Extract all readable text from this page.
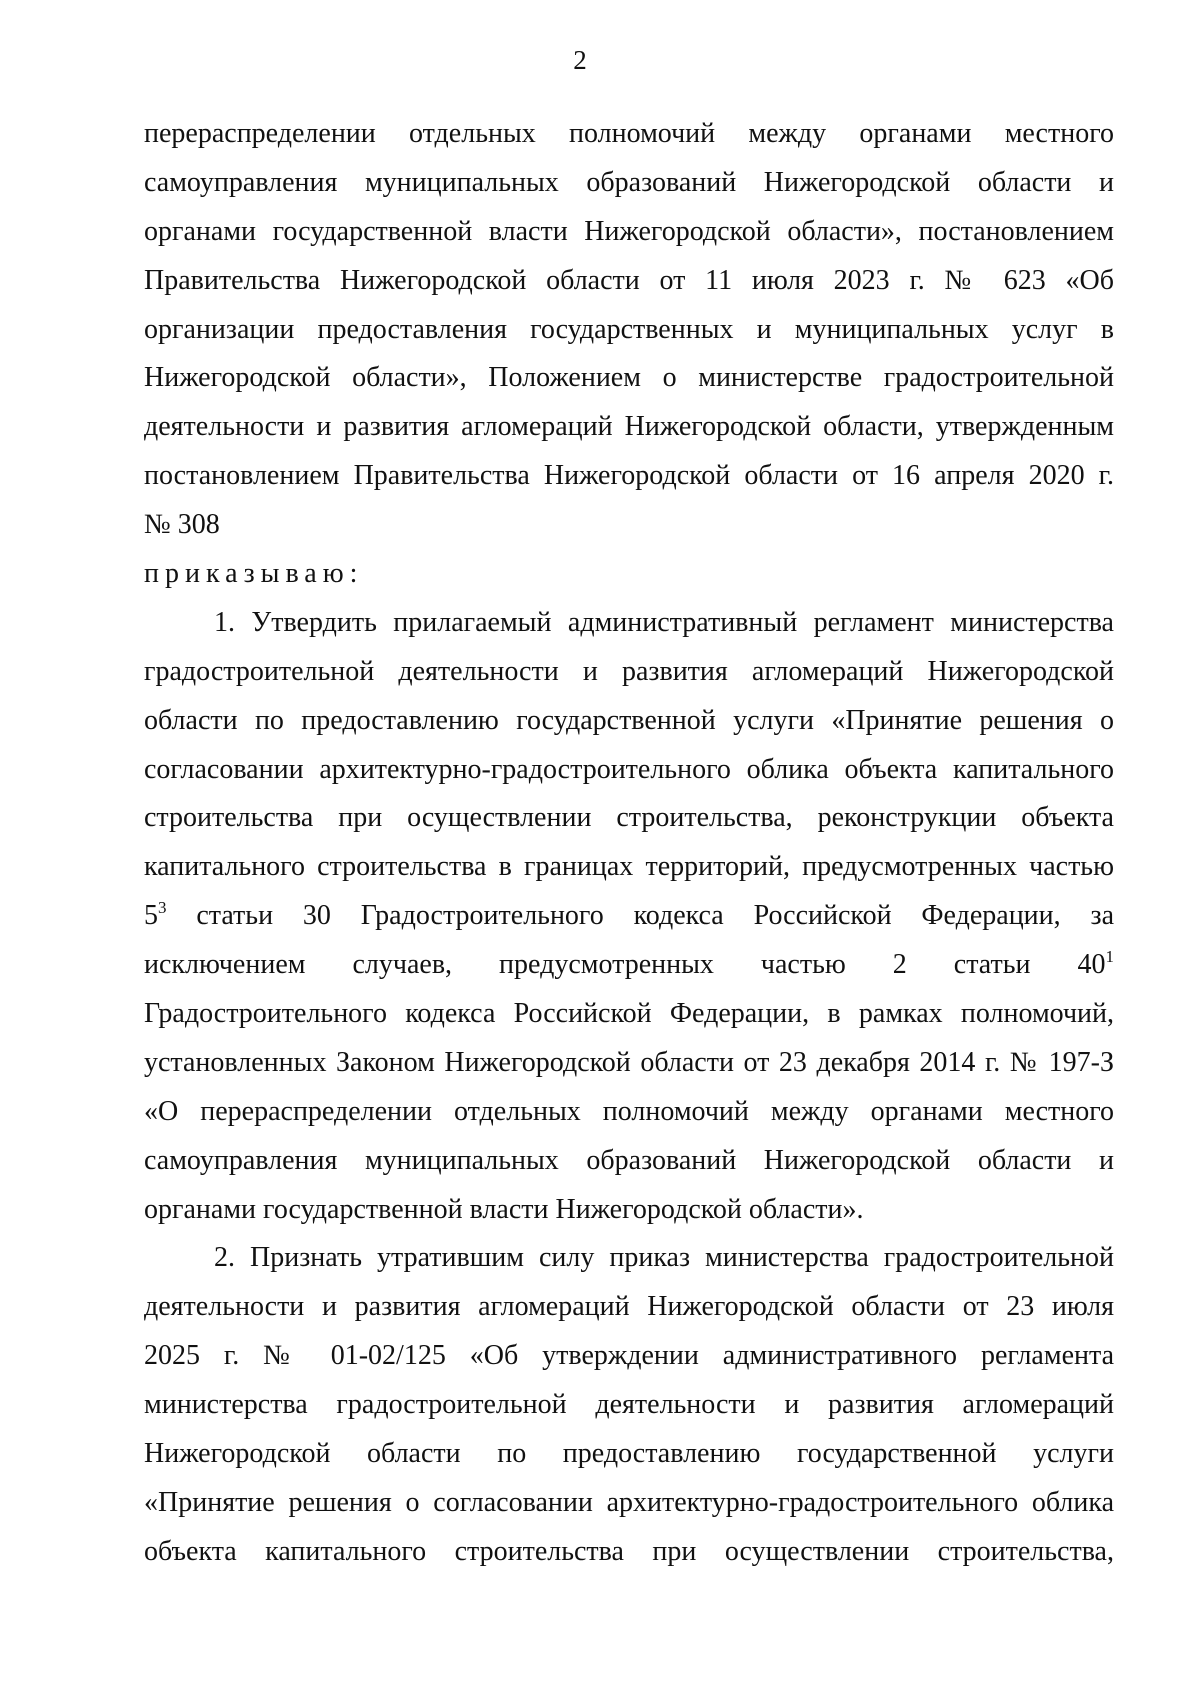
2
перераспределении отдельных полномочий между органами местного
самоуправления муниципальных образований Нижегородской области и
органами государственной власти Нижегородской области», постановлением
Правительства Нижегородской области от 11 июля 2023 г. № 623 «Об
организации предоставления государственных и муниципальных услуг в
Нижегородской области», Положением о министерстве градостроительной
деятельности и развития агломераций Нижегородской области, утвержденным
постановлением Правительства Нижегородской области от 16 апреля 2020 г.
№ 308
приказываю:
1. Утвердить прилагаемый административный регламент министерства
градостроительной деятельности и развития агломераций Нижегородской
области по предоставлению государственной услуги «Принятие решения о
согласовании архитектурно-градостроительного облика объекта капитального
строительства при осуществлении строительства, реконструкции объекта
капитального строительства в границах территорий, предусмотренных частью
$5^3$ статьи 30 Градостроительного кодекса Российской Федерации, за
исключением случаев, предусмотренных частью 2 статьи $40^1$
Градостроительного кодекса Российской Федерации, в рамках полномочий,
установленных Законом Нижегородской области от 23 декабря 2014 г. № 197-З
«О перераспределении отдельных полномочий между органами местного
самоуправления муниципальных образований Нижегородской области и
органами государственной власти Нижегородской области».
2. Признать утратившим силу приказ министерства градостроительной
деятельности и развития агломераций Нижегородской области от 23 июля
2025 г. № 01-02/125 «Об утверждении административного регламента
министерства градостроительной деятельности и развития агломераций
Нижегородской области по предоставлению государственной услуги
«Принятие решения о согласовании архитектурно-градостроительного облика
объекта капитального строительства при осуществлении строительства,
